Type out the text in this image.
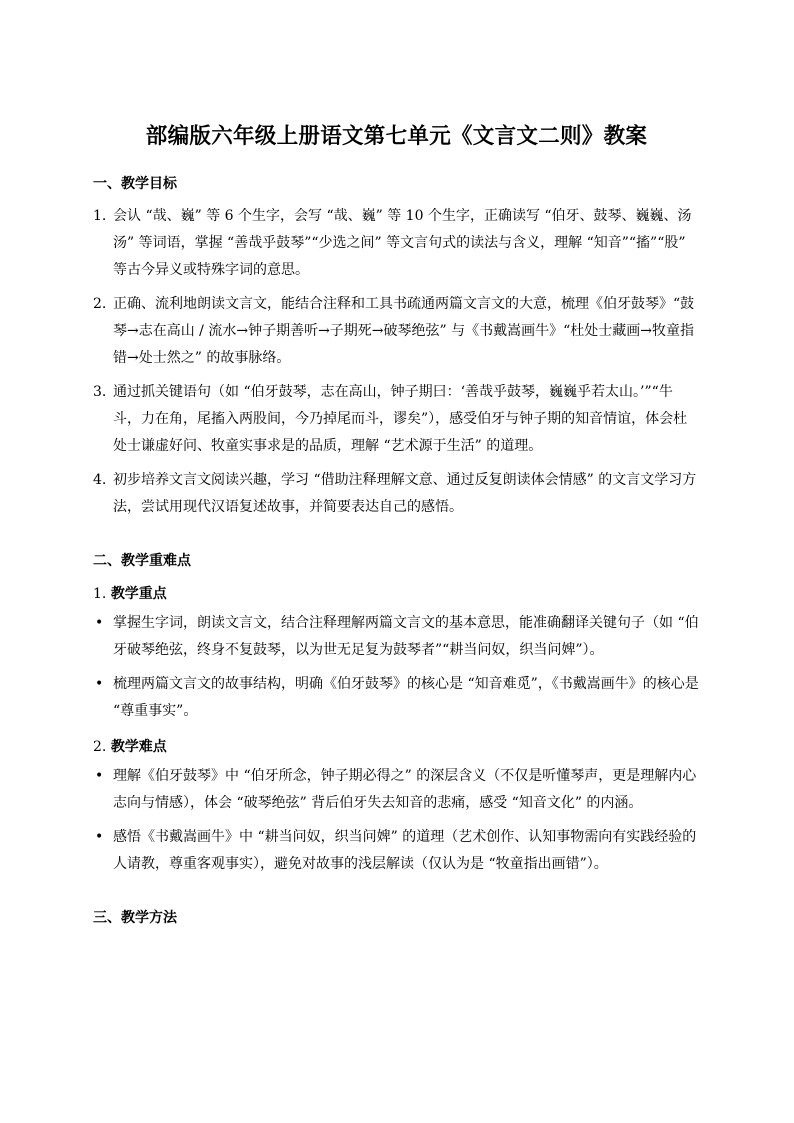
部编版六年级上册语文第七单元《文言文二则》教案

一、教学目标

1. 会认 “哉、巍” 等 6 个生字，会写 “哉、巍” 等 10 个生字，正确读写 “伯牙、鼓琴、巍巍、汤汤” 等词语，掌握 “善哉乎鼓琴”“少选之间” 等文言句式的读法与含义，理解 “知音”“搐”“股” 等古今异义或特殊字词的意思。

2. 正确、流利地朗读文言文，能结合注释和工具书疏通两篇文言文的大意，梳理《伯牙鼓琴》“鼓琴→志在高山 / 流水→钟子期善听→子期死→破琴绝弦” 与《书戴嵩画牛》“杜处士藏画→牧童指错→处士然之” 的故事脉络。

3. 通过抓关键语句（如 “伯牙鼓琴，志在高山，钟子期曰：‘善哉乎鼓琴，巍巍乎若太山。’”“牛斗，力在角，尾搐入两股间，今乃掉尾而斗，谬矣”），感受伯牙与钟子期的知音情谊，体会杜处士谦虚好问、牧童实事求是的品质，理解 “艺术源于生活” 的道理。

4. 初步培养文言文阅读兴趣，学习 “借助注释理解文意、通过反复朗读体会情感” 的文言文学习方法，尝试用现代汉语复述故事，并简要表达自己的感悟。

二、教学重难点

1. 教学重点

• 掌握生字词，朗读文言文，结合注释理解两篇文言文的基本意思，能准确翻译关键句子（如 “伯牙破琴绝弦，终身不复鼓琴，以为世无足复为鼓琴者”“耕当问奴，织当问婢”）。

• 梳理两篇文言文的故事结构，明确《伯牙鼓琴》的核心是 “知音难觅”，《书戴嵩画牛》的核心是 “尊重事实”。

2. 教学难点

• 理解《伯牙鼓琴》中 “伯牙所念，钟子期必得之” 的深层含义（不仅是听懂琴声，更是理解内心志向与情感），体会 “破琴绝弦” 背后伯牙失去知音的悲痛，感受 “知音文化” 的内涵。

• 感悟《书戴嵩画牛》中 “耕当问奴，织当问婢” 的道理（艺术创作、认知事物需向有实践经验的人请教，尊重客观事实），避免对故事的浅层解读（仅认为是 “牧童指出画错”）。

三、教学方法
